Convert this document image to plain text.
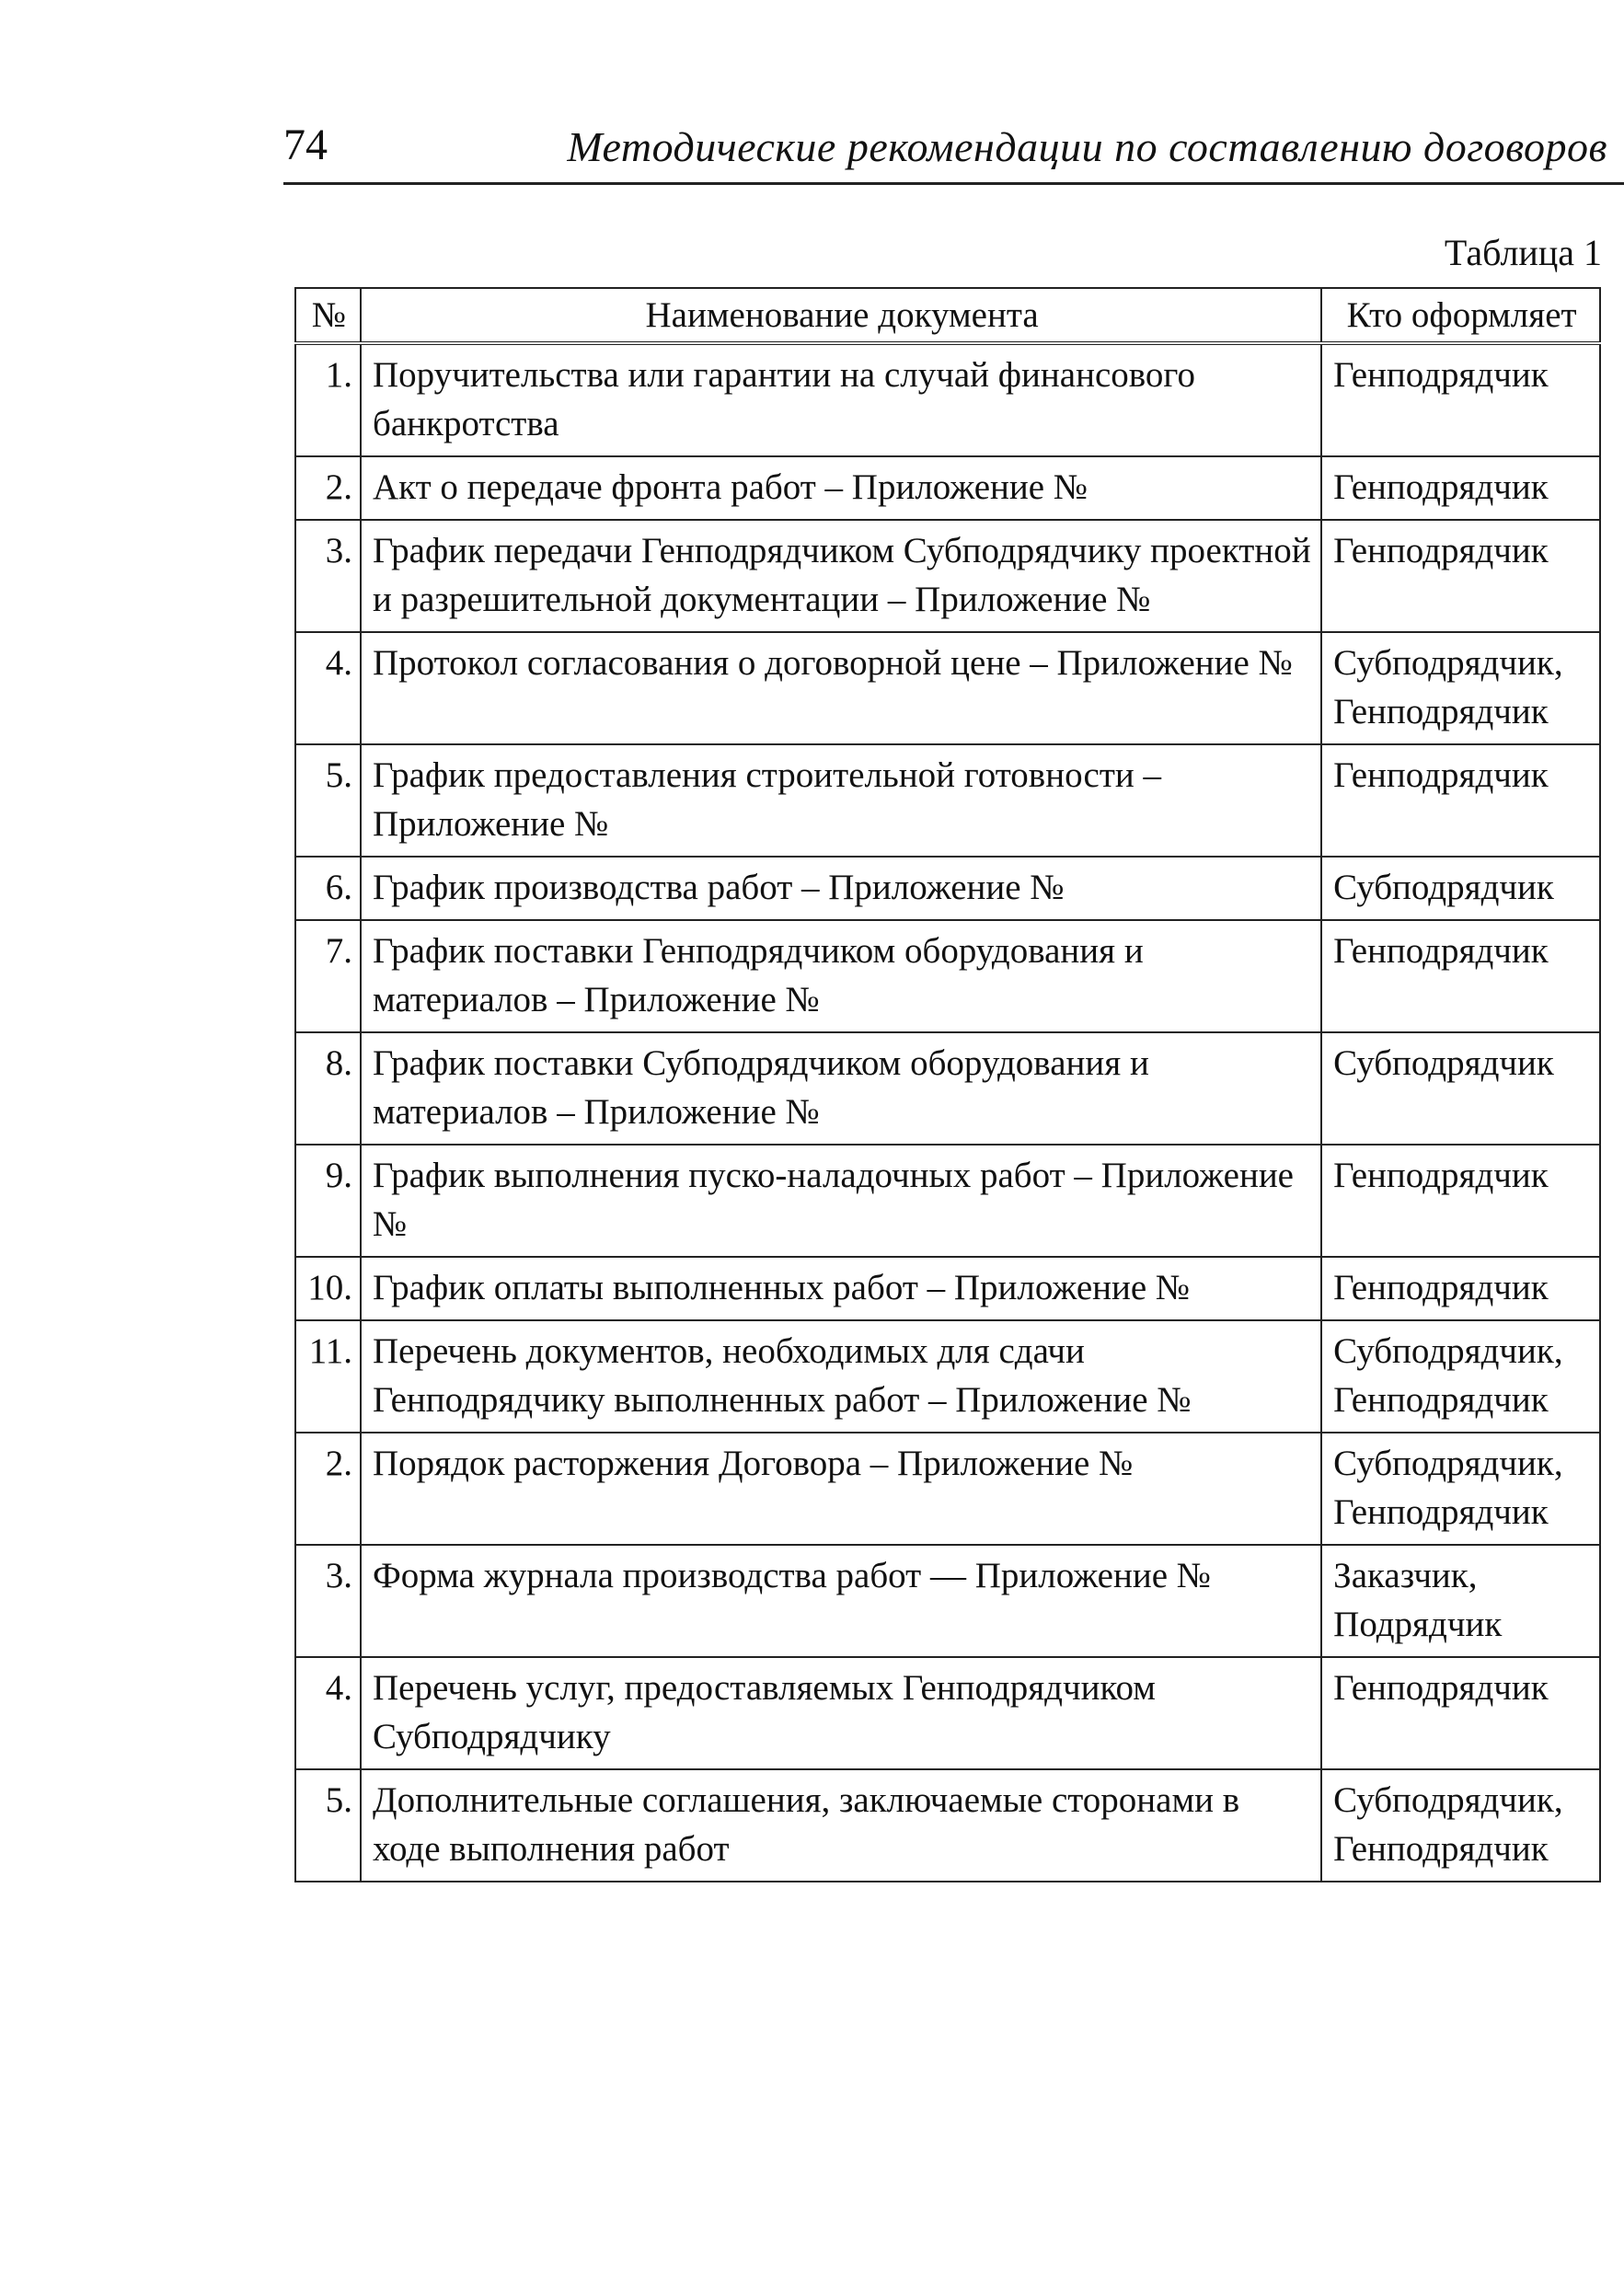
74	Методические рекомендации по составлению договоров
Таблица 1
№	Наименование документа	Кто оформляет
1.	Поручительства или гарантии на случай финансового банкротства	Генподрядчик

2.	Акт о передаче фронта работ – Приложение №	Генподрядчик

3.	График передачи Генподрядчиком Субподрядчику проектной и разрешительной документации – Приложение №	Генподрядчик

4.	Протокол согласования о договорной цене – Приложение №	Субподрядчик,
Генподрядчик

5.	График предоставления строительной готовности – Приложение №	Генподрядчик

6.	График производства работ – Приложение №	Субподрядчик

7.	График поставки Генподрядчиком оборудования и материалов – Приложение №	Генподрядчик

8.	График поставки Субподрядчиком оборудования и материалов – Приложение №	Субподрядчик

9.	График выполнения пуско-наладочных работ – Приложение №	Генподрядчик

10.	График оплаты выполненных работ – Приложение №	Генподрядчик

11.	Перечень документов, необходимых для сдачи Генподрядчику выполненных работ – Приложение №	Субподрядчик,
Генподрядчик

2.	Порядок расторжения Договора – Приложение №	Субподрядчик,
Генподрядчик

3.	Форма журнала производства работ — Приложение №	Заказчик,
Подрядчик

4.	Перечень услуг, предоставляемых Генподрядчиком Субподрядчику	Генподрядчик

5.	Дополнительные соглашения, заключаемые сторонами в ходе выполнения работ	Субподрядчик,
Генподрядчик
